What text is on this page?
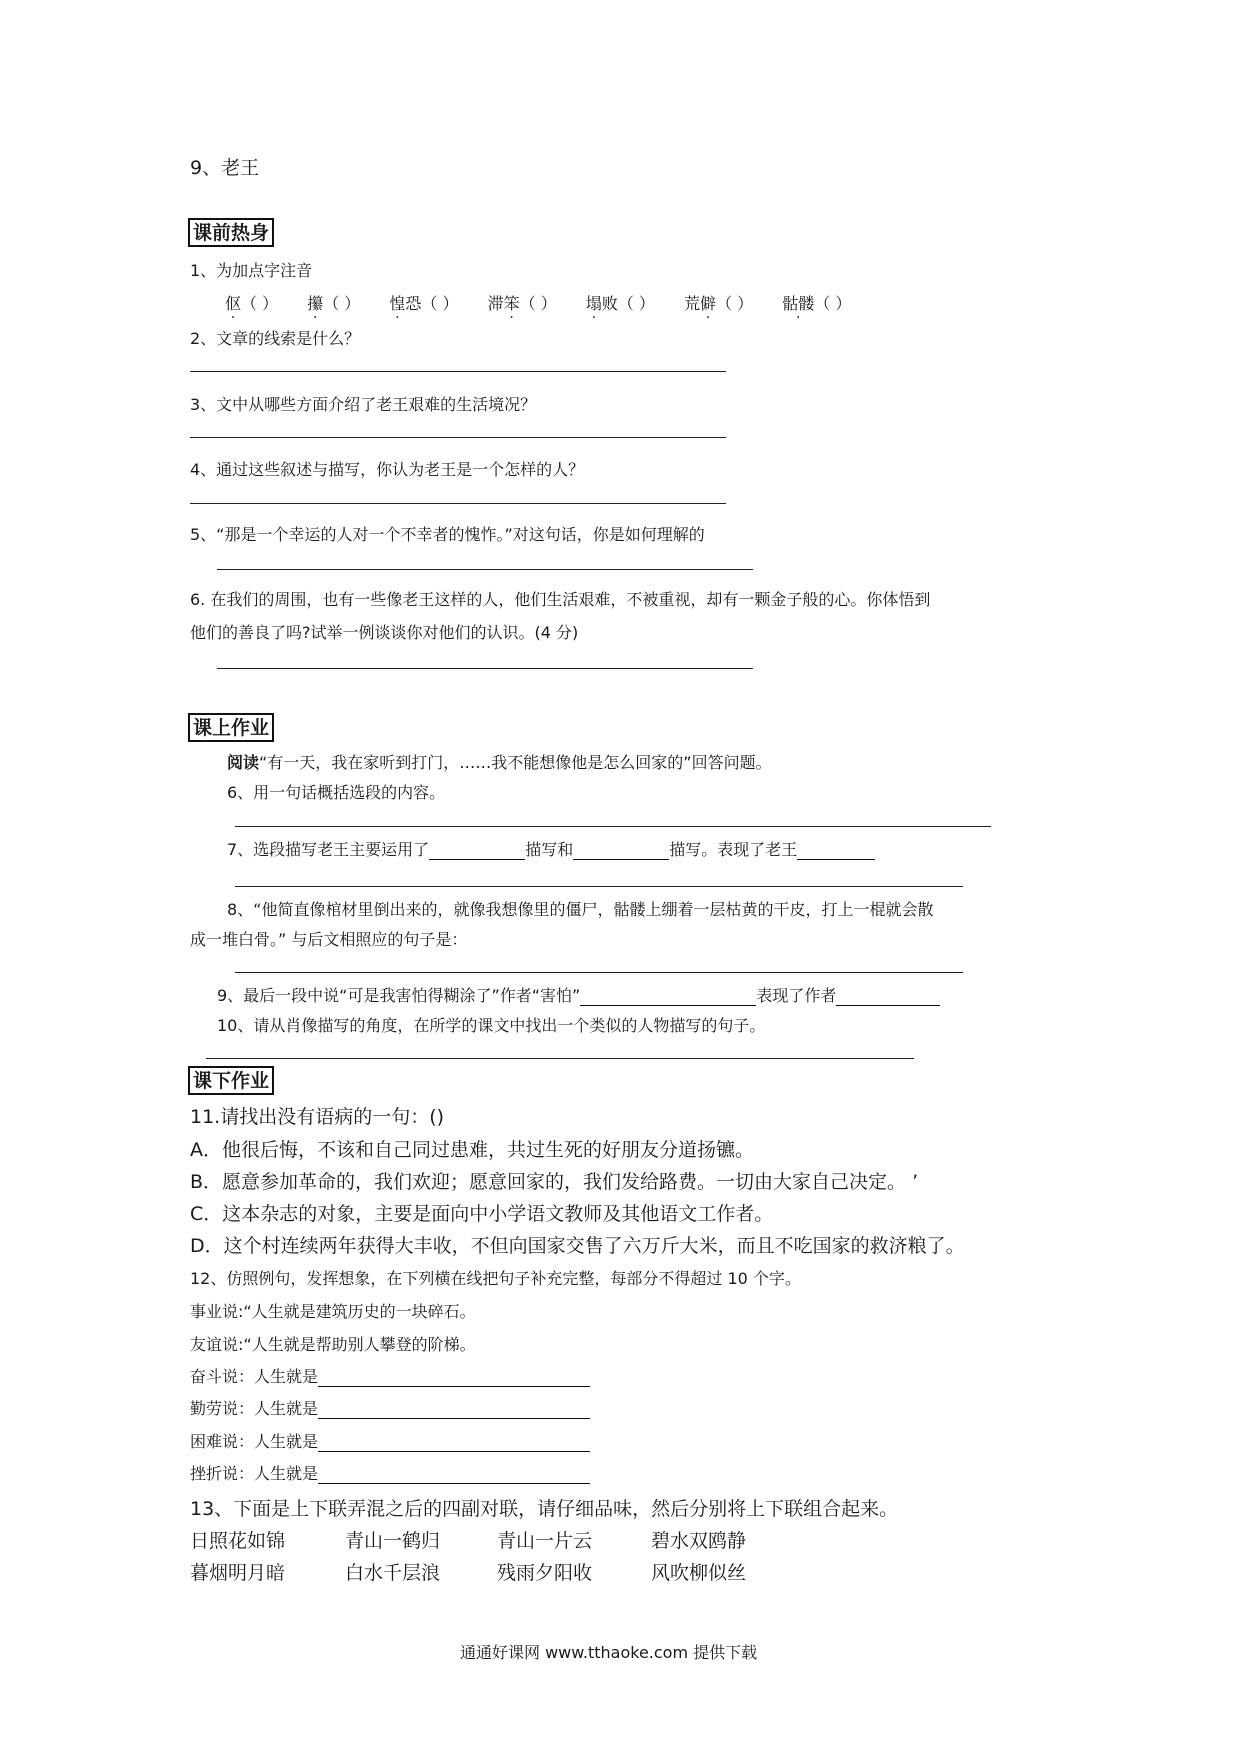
9、老王
课前热身
1、为加点字注音
伛（ ） 攥（ ） 惶恐（ ） 滞笨（ ） 塌败（ ） 荒僻（ ） 骷髅（ ）
2、文章的线索是什么？
3、文中从哪些方面介绍了老王艰难的生活境况？
4、通过这些叙述与描写，你认为老王是一个怎样的人？
5、“那是一个幸运的人对一个不幸者的愧怍。”对这句话，你是如何理解的
6. 在我们的周围，也有一些像老王这样的人，他们生活艰难，不被重视，却有一颗金子般的心。你体悟到
他们的善良了吗?试举一例谈谈你对他们的认识。(4 分)
课上作业
阅读“有一天，我在家听到打门，……我不能想像他是怎么回家的”回答问题。
6、用一句话概括选段的内容。
7、选段描写老王主要运用了	描写和	描写。表现了老王
8、“他简直像棺材里倒出来的，就像我想像里的僵尸，骷髅上绷着一层枯黄的干皮，打上一棍就会散
成一堆白骨。” 与后文相照应的句子是：
9、最后一段中说“可是我害怕得糊涂了”作者“害怕”	表现了作者
10、请从肖像描写的角度，在所学的课文中找出一个类似的人物描写的句子。
课下作业
11.请找出没有语病的一句：()
A．他很后悔，不该和自己同过患难，共过生死的好朋友分道扬镳。
B．愿意参加革命的，我们欢迎；愿意回家的，我们发给路费。一切由大家自己决定。 ’
C．这本杂志的对象，主要是面向中小学语文教师及其他语文工作者。
D．这个村连续两年获得大丰收，不但向国家交售了六万斤大米，而且不吃国家的救济粮了。
12、仿照例句，发挥想象，在下列横在线把句子补充完整，每部分不得超过 10 个字。
事业说:“人生就是建筑历史的一块碎石。
友谊说:“人生就是帮助别人攀登的阶梯。
奋斗说：人生就是
勤劳说：人生就是
困难说：人生就是
挫折说：人生就是
13、下面是上下联弄混之后的四副对联，请仔细品味，然后分别将上下联组合起来。
日照花如锦	青山一鹤归	青山一片云	碧水双鸥静
暮烟明月暗	白水千层浪	残雨夕阳收	风吹柳似丝
通通好课网 www.tthaoke.com 提供下载
